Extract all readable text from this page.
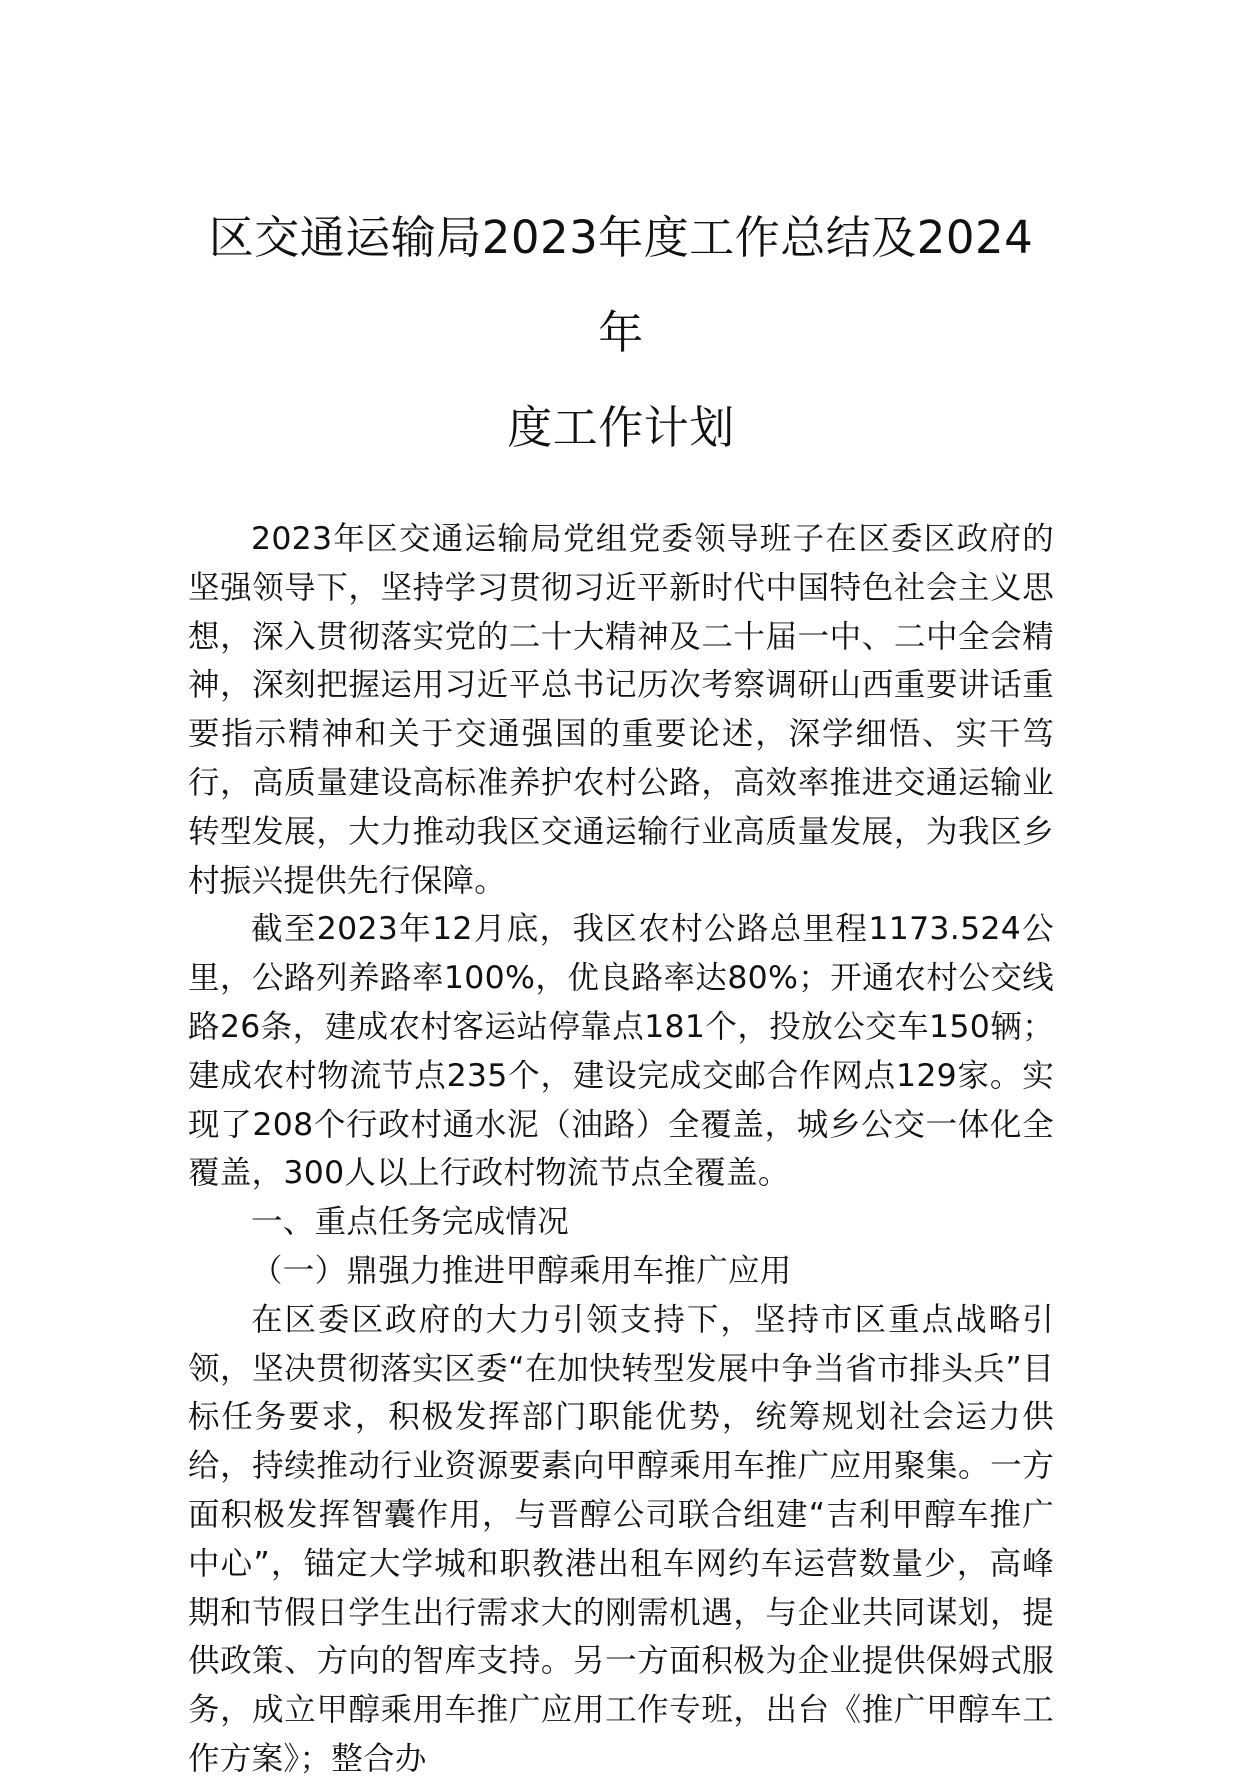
区交通运输局2023年度工作总结及2024年
度工作计划

2023年区交通运输局党组党委领导班子在区委区政府的坚强领导下，坚持学习贯彻习近平新时代中国特色社会主义思想，深入贯彻落实党的二十大精神及二十届一中、二中全会精神，深刻把握运用习近平总书记历次考察调研山西重要讲话重要指示精神和关于交通强国的重要论述，深学细悟、实干笃行，高质量建设高标准养护农村公路，高效率推进交通运输业转型发展，大力推动我区交通运输行业高质量发展，为我区乡村振兴提供先行保障。

截至2023年12月底，我区农村公路总里程1173.524公里，公路列养路率100%，优良路率达80%；开通农村公交线路26条，建成农村客运站停靠点181个，投放公交车150辆；建成农村物流节点235个，建设完成交邮合作网点129家。实现了208个行政村通水泥（油路）全覆盖，城乡公交一体化全覆盖，300人以上行政村物流节点全覆盖。

一、重点任务完成情况

（一）鼎强力推进甲醇乘用车推广应用

在区委区政府的大力引领支持下，坚持市区重点战略引领，坚决贯彻落实区委“在加快转型发展中争当省市排头兵”目标任务要求，积极发挥部门职能优势，统筹规划社会运力供给，持续推动行业资源要素向甲醇乘用车推广应用聚集。一方面积极发挥智囊作用，与晋醇公司联合组建“吉利甲醇车推广中心”，锚定大学城和职教港出租车网约车运营数量少，高峰期和节假日学生出行需求大的刚需机遇，与企业共同谋划，提供政策、方向的智库支持。另一方面积极为企业提供保姆式服务，成立甲醇乘用车推广应用工作专班，出台《推广甲醇车工作方案》；整合办
